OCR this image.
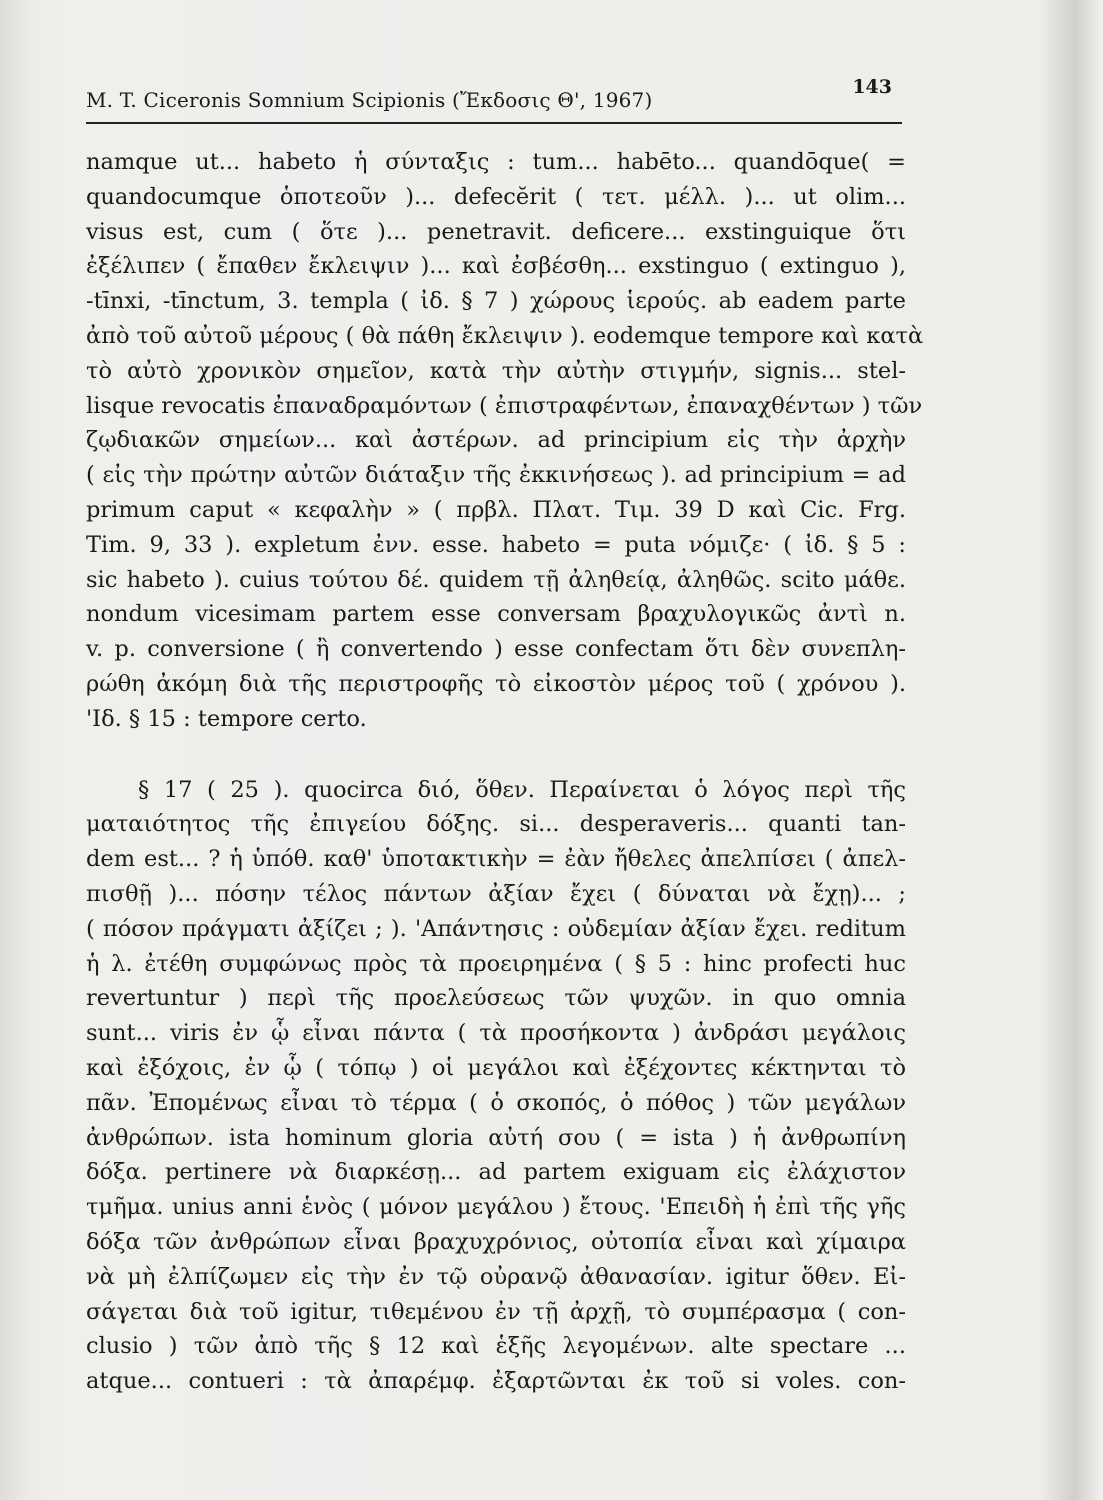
M. T. Ciceronis Somnium Scipionis (Ἔκδοσις Θ', 1967)
143
namque ut... habeto ἡ σύνταξις : tum... habēto... quandōque( =
quandocumque ὁποτεοῦν )... defecĕrit ( τετ. μέλλ. )... ut olim...
visus est, cum ( ὅτε )... penetravit. deficere... exstinguique ὅτι
ἐξέλιπεν ( ἔπαθεν ἔκλειψιν )... καὶ ἐσβέσθη... exstinguo ( extinguo ),
-tīnxi, -tīnctum, 3. templa ( ἰδ. § 7 ) χώρους ἱερούς. ab eadem parte
ἀπὸ τοῦ αὐτοῦ μέρους ( θὰ πάθη ἔκλειψιν ). eodemque tempore καὶ κατὰ
τὸ αὐτὸ χρονικὸν σημεῖον, κατὰ τὴν αὐτὴν στιγμήν, signis... stel-
lisque revocatis ἐπαναδραμόντων ( ἐπιστραφέντων, ἐπαναχθέντων ) τῶν
ζῳδιακῶν σημείων... καὶ ἀστέρων. ad principium εἰς τὴν ἀρχὴν
( εἰς τὴν πρώτην αὐτῶν διάταξιν τῆς ἐκκινήσεως ). ad principium = ad
primum caput « κεφαλὴν » ( πρβλ. Πλατ. Τιμ. 39 D καὶ Cic. Frg.
Tim. 9, 33 ). expletum ἐνν. esse. habeto = puta νόμιζε· ( ἰδ. § 5 :
sic habeto ). cuius τούτου δέ. quidem τῇ ἀληθείᾳ, ἀληθῶς. scito μάθε.
nondum vicesimam partem esse conversam βραχυλογικῶς ἀντὶ n.
v. p. conversione ( ἢ convertendo ) esse confectam ὅτι δὲν συνεπλη-
ρώθη ἀκόμη διὰ τῆς περιστροφῆς τὸ εἰκοστὸν μέρος τοῦ ( χρόνου ).
'Ιδ. § 15 : tempore certo.
§ 17 ( 25 ). quocirca διό, ὅθεν. Περαίνεται ὁ λόγος περὶ τῆς
ματαιότητος τῆς ἐπιγείου δόξης. si... desperaveris... quanti tan-
dem est... ? ἡ ὑπόθ. καθ' ὑποτακτικὴν = ἐὰν ἤθελες ἀπελπίσει ( ἀπελ-
πισθῇ )... πόσην τέλος πάντων ἀξίαν ἔχει ( δύναται νὰ ἔχῃ)... ;
( πόσον πράγματι ἀξίζει ; ). 'Απάντησις : οὐδεμίαν ἀξίαν ἔχει. reditum
ἡ λ. ἐτέθη συμφώνως πρὸς τὰ προειρημένα ( § 5 : hinc profecti huc
revertuntur ) περὶ τῆς προελεύσεως τῶν ψυχῶν. in quo omnia
sunt... viris ἐν ᾧ εἶναι πάντα ( τὰ προσήκοντα ) ἀνδράσι μεγάλοις
καὶ ἐξόχοις, ἐν ᾧ ( τόπῳ ) οἱ μεγάλοι καὶ ἐξέχοντες κέκτηνται τὸ
πᾶν. Ἐπομένως εἶναι τὸ τέρμα ( ὁ σκοπός, ὁ πόθος ) τῶν μεγάλων
ἀνθρώπων. ista hominum gloria αὐτή σου ( = ista ) ἡ ἀνθρωπίνη
δόξα. pertinere νὰ διαρκέσῃ... ad partem exiguam εἰς ἐλάχιστον
τμῆμα. unius anni ἑνὸς ( μόνον μεγάλου ) ἔτους. 'Επειδὴ ἡ ἐπὶ τῆς γῆς
δόξα τῶν ἀνθρώπων εἶναι βραχυχρόνιος, οὐτοπία εἶναι καὶ χίμαιρα
νὰ μὴ ἐλπίζωμεν εἰς τὴν ἐν τῷ οὐρανῷ ἀθανασίαν. igitur ὅθεν. Εἰ-
σάγεται διὰ τοῦ igitur, τιθεμένου ἐν τῇ ἀρχῇ, τὸ συμπέρασμα ( con-
clusio ) τῶν ἀπὸ τῆς § 12 καὶ ἑξῆς λεγομένων. alte spectare ...
atque... contueri : τὰ ἀπαρέμφ. ἐξαρτῶνται ἐκ τοῦ si voles. con-
